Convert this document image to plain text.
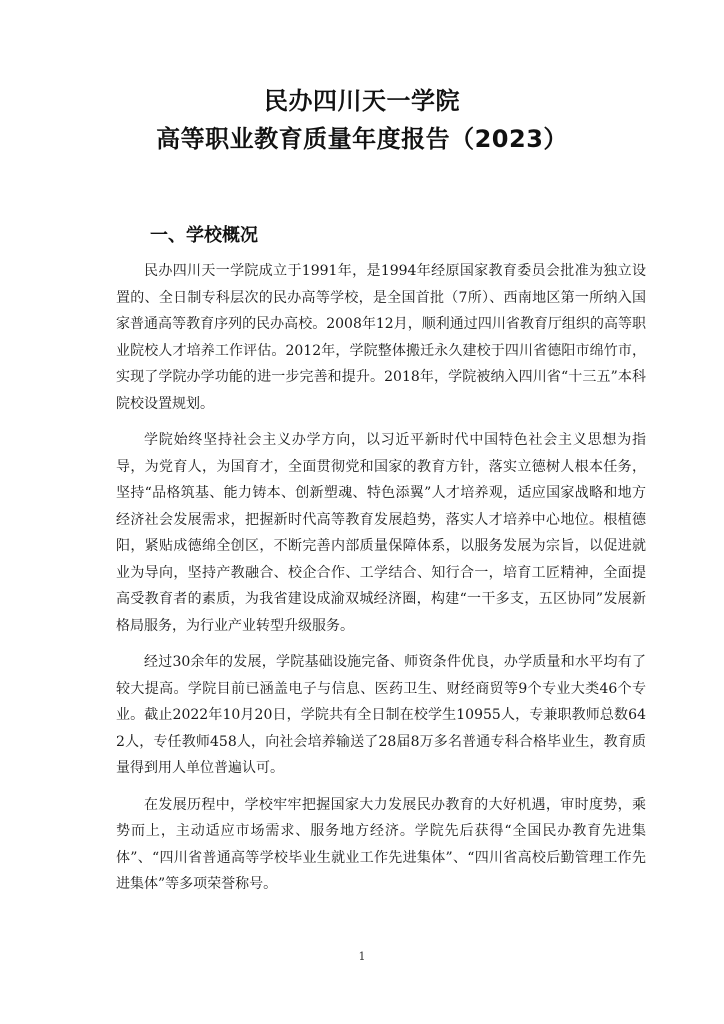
民办四川天一学院
高等职业教育质量年度报告（2023）
一、学校概况

民办四川天一学院成立于1991年，是1994年经原国家教育委员会批准为独立设置的、全日制专科层次的民办高等学校，是全国首批（7所）、西南地区第一所纳入国家普通高等教育序列的民办高校。2008年12月，顺利通过四川省教育厅组织的高等职业院校人才培养工作评估。2012年，学院整体搬迁永久建校于四川省德阳市绵竹市，实现了学院办学功能的进一步完善和提升。2018年，学院被纳入四川省“十三五”本科院校设置规划。

学院始终坚持社会主义办学方向，以习近平新时代中国特色社会主义思想为指导，为党育人，为国育才，全面贯彻党和国家的教育方针，落实立德树人根本任务，坚持“品格筑基、能力铸本、创新塑魂、特色添翼”人才培养观，适应国家战略和地方经济社会发展需求，把握新时代高等教育发展趋势，落实人才培养中心地位。根植德阳，紧贴成德绵全创区，不断完善内部质量保障体系，以服务发展为宗旨，以促进就业为导向，坚持产教融合、校企合作、工学结合、知行合一，培育工匠精神，全面提高受教育者的素质，为我省建设成渝双城经济圈，构建“一干多支，五区协同”发展新格局服务，为行业产业转型升级服务。

经过30余年的发展，学院基础设施完备、师资条件优良，办学质量和水平均有了较大提高。学院目前已涵盖电子与信息、医药卫生、财经商贸等9个专业大类46个专业。截止2022年10月20日，学院共有全日制在校学生10955人，专兼职教师总数642人，专任教师458人，向社会培养输送了28届8万多名普通专科合格毕业生，教育质量得到用人单位普遍认可。

在发展历程中，学校牢牢把握国家大力发展民办教育的大好机遇，审时度势，乘势而上，主动适应市场需求、服务地方经济。学院先后获得“全国民办教育先进集体”、“四川省普通高等学校毕业生就业工作先进集体”、“四川省高校后勤管理工作先进集体”等多项荣誉称号。

1
